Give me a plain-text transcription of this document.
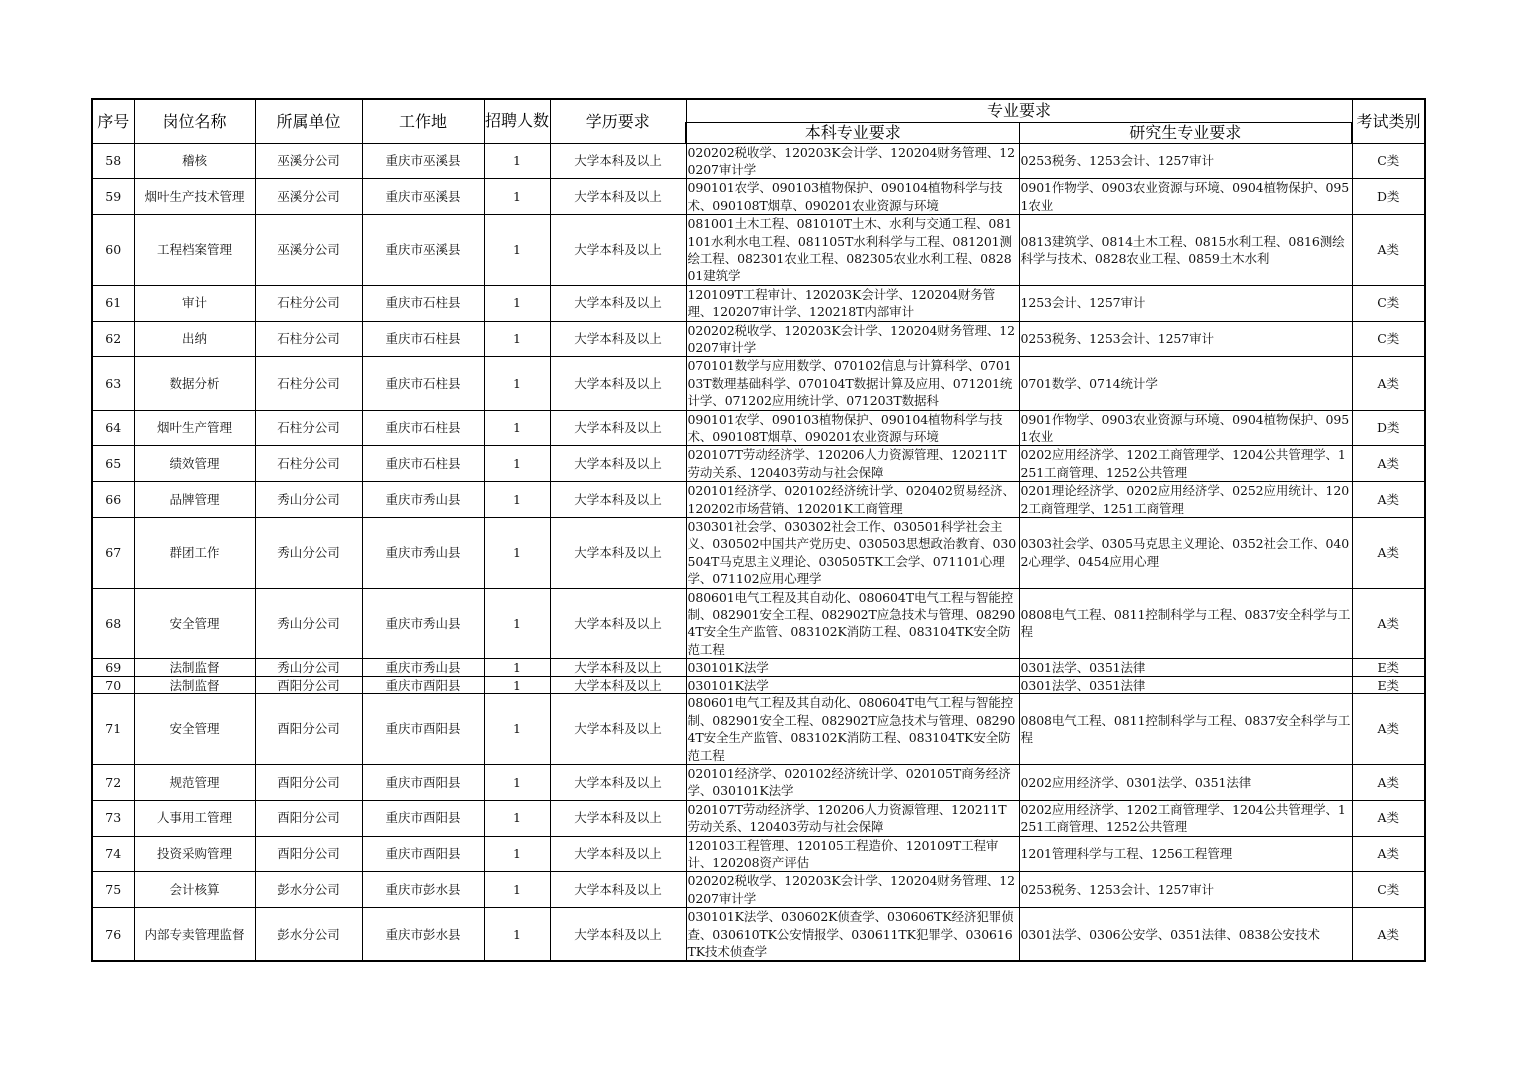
序号	岗位名称	所属单位	工作地	招聘人数	学历要求	专业要求		考试类别
						本科专业要求	研究生专业要求	
58	稽核	巫溪分公司	重庆市巫溪县	1	大学本科及以上	020202税收学、120203K会计学、120204财务管理、120207审计学	0253税务、1253会计、1257审计	C类
59	烟叶生产技术管理	巫溪分公司	重庆市巫溪县	1	大学本科及以上	090101农学、090103植物保护、090104植物科学与技术、090108T烟草、090201农业资源与环境	0901作物学、0903农业资源与环境、0904植物保护、0951农业	D类
60	工程档案管理	巫溪分公司	重庆市巫溪县	1	大学本科及以上	081001土木工程、081010T土木、水利与交通工程、081101水利水电工程、081105T水利科学与工程、081201测绘工程、082301农业工程、082305农业水利工程、082801建筑学	0813建筑学、0814土木工程、0815水利工程、0816测绘科学与技术、0828农业工程、0859土木水利	A类
61	审计	石柱分公司	重庆市石柱县	1	大学本科及以上	120109T工程审计、120203K会计学、120204财务管理、120207审计学、120218T内部审计	1253会计、1257审计	C类
62	出纳	石柱分公司	重庆市石柱县	1	大学本科及以上	020202税收学、120203K会计学、120204财务管理、120207审计学	0253税务、1253会计、1257审计	C类
63	数据分析	石柱分公司	重庆市石柱县	1	大学本科及以上	070101数学与应用数学、070102信息与计算科学、070103T数理基础科学、070104T数据计算及应用、071201统计学、071202应用统计学、071203T数据科	0701数学、0714统计学	A类
64	烟叶生产管理	石柱分公司	重庆市石柱县	1	大学本科及以上	090101农学、090103植物保护、090104植物科学与技术、090108T烟草、090201农业资源与环境	0901作物学、0903农业资源与环境、0904植物保护、0951农业	D类
65	绩效管理	石柱分公司	重庆市石柱县	1	大学本科及以上	020107T劳动经济学、120206人力资源管理、120211T劳动关系、120403劳动与社会保障	0202应用经济学、1202工商管理学、1204公共管理学、1251工商管理、1252公共管理	A类
66	品牌管理	秀山分公司	重庆市秀山县	1	大学本科及以上	020101经济学、020102经济统计学、020402贸易经济、120202市场营销、120201K工商管理	0201理论经济学、0202应用经济学、0252应用统计、1202工商管理学、1251工商管理	A类
67	群团工作	秀山分公司	重庆市秀山县	1	大学本科及以上	030301社会学、030302社会工作、030501科学社会主义、030502中国共产党历史、030503思想政治教育、030504T马克思主义理论、030505TK工会学、071101心理学、071102应用心理学	0303社会学、0305马克思主义理论、0352社会工作、0402心理学、0454应用心理	A类
68	安全管理	秀山分公司	重庆市秀山县	1	大学本科及以上	080601电气工程及其自动化、080604T电气工程与智能控制、082901安全工程、082902T应急技术与管理、082904T安全生产监管、083102K消防工程、083104TK安全防范工程	0808电气工程、0811控制科学与工程、0837安全科学与工程	A类
69	法制监督	秀山分公司	重庆市秀山县	1	大学本科及以上	030101K法学	0301法学、0351法律	E类
70	法制监督	酉阳分公司	重庆市酉阳县	1	大学本科及以上	030101K法学	0301法学、0351法律	E类
71	安全管理	酉阳分公司	重庆市酉阳县	1	大学本科及以上	080601电气工程及其自动化、080604T电气工程与智能控制、082901安全工程、082902T应急技术与管理、082904T安全生产监管、083102K消防工程、083104TK安全防范工程	0808电气工程、0811控制科学与工程、0837安全科学与工程	A类
72	规范管理	酉阳分公司	重庆市酉阳县	1	大学本科及以上	020101经济学、020102经济统计学、020105T商务经济学、030101K法学	0202应用经济学、0301法学、0351法律	A类
73	人事用工管理	酉阳分公司	重庆市酉阳县	1	大学本科及以上	020107T劳动经济学、120206人力资源管理、120211T劳动关系、120403劳动与社会保障	0202应用经济学、1202工商管理学、1204公共管理学、1251工商管理、1252公共管理	A类
74	投资采购管理	酉阳分公司	重庆市酉阳县	1	大学本科及以上	120103工程管理、120105工程造价、120109T工程审计、120208资产评估	1201管理科学与工程、1256工程管理	A类
75	会计核算	彭水分公司	重庆市彭水县	1	大学本科及以上	020202税收学、120203K会计学、120204财务管理、120207审计学	0253税务、1253会计、1257审计	C类
76	内部专卖管理监督	彭水分公司	重庆市彭水县	1	大学本科及以上	030101K法学、030602K侦查学、030606TK经济犯罪侦查、030610TK公安情报学、030611TK犯罪学、030616TK技术侦查学	0301法学、0306公安学、0351法律、0838公安技术	A类
